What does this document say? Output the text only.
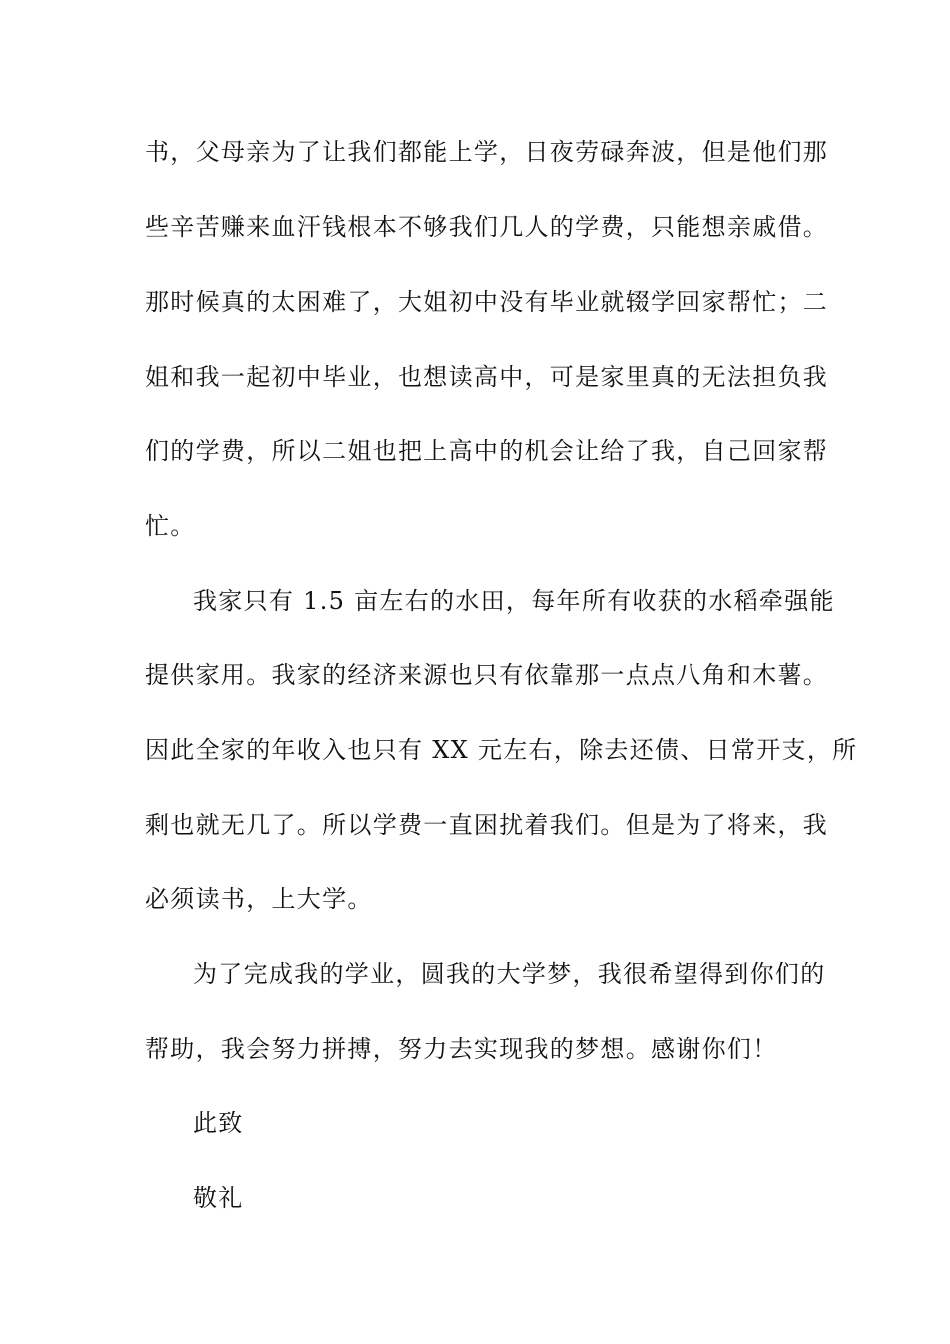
书，父母亲为了让我们都能上学，日夜劳碌奔波，但是他们那
些辛苦赚来血汗钱根本不够我们几人的学费，只能想亲戚借。
那时候真的太困难了，大姐初中没有毕业就辍学回家帮忙；二
姐和我一起初中毕业，也想读高中，可是家里真的无法担负我
们的学费，所以二姐也把上高中的机会让给了我，自己回家帮
忙。
我家只有 1.5 亩左右的水田，每年所有收获的水稻牵强能
提供家用。我家的经济来源也只有依靠那一点点八角和木薯。
因此全家的年收入也只有 XX 元左右，除去还债、日常开支，所
剩也就无几了。所以学费一直困扰着我们。但是为了将来，我
必须读书，上大学。
为了完成我的学业，圆我的大学梦，我很希望得到你们的
帮助，我会努力拼搏，努力去实现我的梦想。感谢你们！
此致
敬礼
